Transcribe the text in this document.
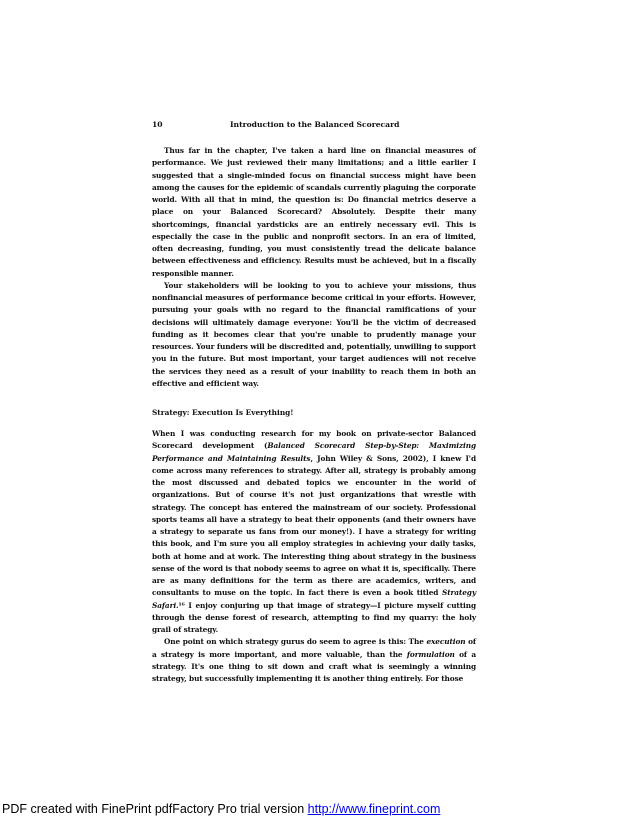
10	Introduction to the Balanced Scorecard

Thus far in the chapter, I've taken a hard line on financial measures of performance. We just reviewed their many limitations; and a little earlier I suggested that a single-minded focus on financial success might have been among the causes for the epidemic of scandals currently plaguing the corporate world. With all that in mind, the question is: Do financial metrics deserve a place on your Balanced Scorecard? Absolutely. Despite their many shortcomings, financial yardsticks are an entirely necessary evil. This is especially the case in the public and nonprofit sectors. In an era of limited, often decreasing, funding, you must consistently tread the delicate balance between effectiveness and efficiency. Results must be achieved, but in a fiscally responsible manner.

Your stakeholders will be looking to you to achieve your missions, thus nonfinancial measures of performance become critical in your efforts. However, pursuing your goals with no regard to the financial ramifications of your decisions will ultimately damage everyone: You'll be the victim of decreased funding as it becomes clear that you're unable to prudently manage your resources. Your funders will be discredited and, potentially, unwilling to support you in the future. But most important, your target audiences will not receive the services they need as a result of your inability to reach them in both an effective and efficient way.

Strategy: Execution Is Everything!

When I was conducting research for my book on private-sector Balanced Scorecard development (Balanced Scorecard Step-by-Step: Maximizing Performance and Maintaining Results, John Wiley & Sons, 2002), I knew I'd come across many references to strategy. After all, strategy is probably among the most discussed and debated topics we encounter in the world of organizations. But of course it's not just organizations that wrestle with strategy. The concept has entered the mainstream of our society. Professional sports teams all have a strategy to beat their opponents (and their owners have a strategy to separate us fans from our money!). I have a strategy for writing this book, and I'm sure you all employ strategies in achieving your daily tasks, both at home and at work. The interesting thing about strategy in the business sense of the word is that nobody seems to agree on what it is, specifically. There are as many definitions for the term as there are academics, writers, and consultants to muse on the topic. In fact there is even a book titled Strategy Safari.¹⁶ I enjoy conjuring up that image of strategy—I picture myself cutting through the dense forest of research, attempting to find my quarry: the holy grail of strategy.

One point on which strategy gurus do seem to agree is this: The execution of a strategy is more important, and more valuable, than the formulation of a strategy. It's one thing to sit down and craft what is seemingly a winning strategy, but successfully implementing it is another thing entirely. For those

PDF created with FinePrint pdfFactory Pro trial version http://www.fineprint.com
